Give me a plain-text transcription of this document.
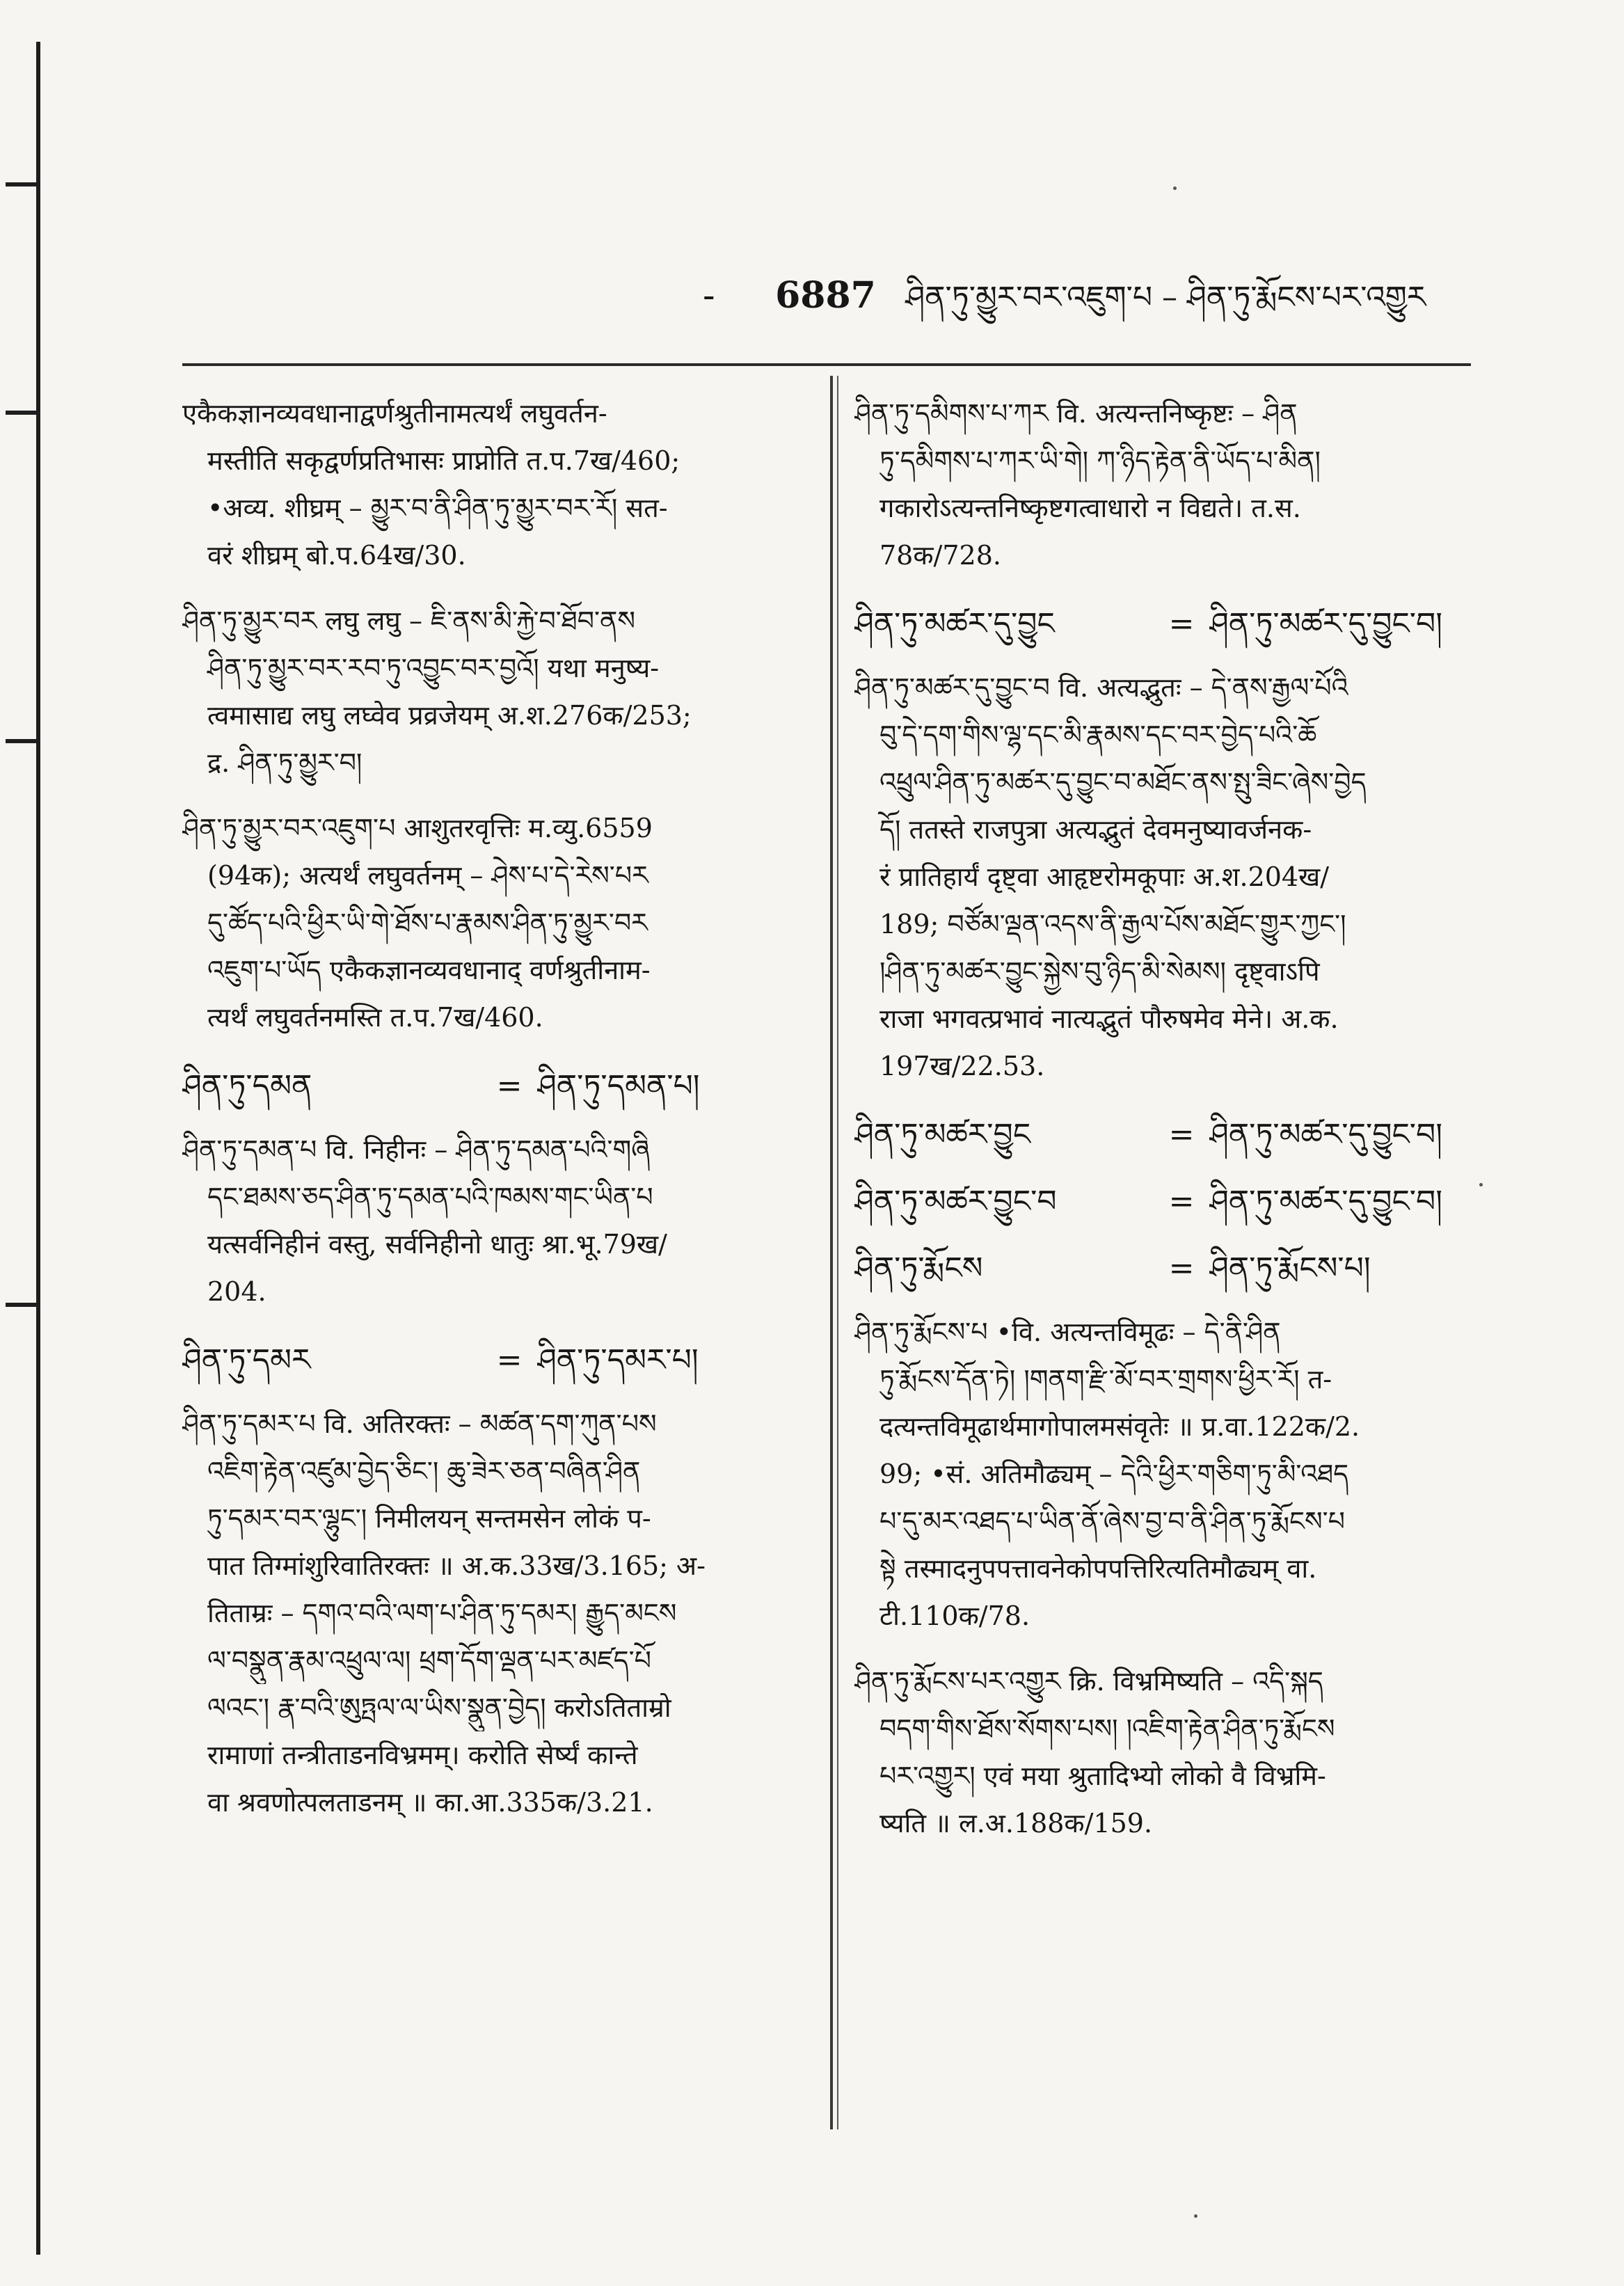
- 6887 ཤིན་ཏུ་མྱུར་བར་འཇུག་པ – ཤིན་ཏུ་རྨོངས་པར་འགྱུར
एकैकज्ञानव्यवधानाद्वर्णश्रुतीनामत्यर्थं लघुवर्तन-
मस्तीति सकृद्वर्णप्रतिभासः प्राप्नोति त.प.7ख/460;
•अव्य. शीघ्रम् – མྱུར་བ་ནི་ཤིན་ཏུ་མྱུར་བར་རོ། सत-
वरं शीघ्रम् बो.प.64ख/30.
ཤིན་ཏུ་མྱུར་བར लघु लघु – ཇི་ནས་མི་རྐྱེ་བ་ཐོབ་ནས
ཤིན་ཏུ་མྱུར་བར་རབ་ཏུ་འབྱུང་བར་བྱའོ། यथा मनुष्य-
त्वमासाद्य लघु लघ्वेव प्रव्रजेयम् अ.श.276क/253;
द्र. ཤིན་ཏུ་མྱུར་བ།
ཤིན་ཏུ་མྱུར་བར་འཇུག་པ आशुतरवृत्तिः म.व्यु.6559
(94क); अत्यर्थं लघुवर्तनम् – ཤེས་པ་དེ་རེས་པར
དུ་ཚོད་པའི་ཕྱིར་ཡི་གེ་ཐོས་པ་རྣམས་ཤིན་ཏུ་མྱུར་བར
འཇུག་པ་ཡོད एकैकज्ञानव्यवधानाद् वर्णश्रुतीनाम-
त्यर्थं लघुवर्तनमस्ति त.प.7ख/460.
ཤིན་ཏུ་དམན	= ཤིན་ཏུ་དམན་པ།
ཤིན་ཏུ་དམན་པ वि. निहीनः – ཤིན་ཏུ་དམན་པའི་གཞི
དང་ཐམས་ཅད་ཤིན་ཏུ་དམན་པའི་ཁམས་གང་ཡིན་པ
यत्सर्वनिहीनं वस्तु, सर्वनिहीनो धातुः श्रा.भू.79ख/
204.
ཤིན་ཏུ་དམར	= ཤིན་ཏུ་དམར་པ།
ཤིན་ཏུ་དམར་པ वि. अतिरक्तः – མཚན་དག་ཀུན་པས
འཇིག་རྟེན་འཛུམ་བྱེད་ཅིང་། ཆུ་ཟེར་ཅན་བཞིན་ཤིན
ཏུ་དམར་བར་ལྷུང་། निमीलयन् सन्तमसेन लोकं प-
पात तिग्मांशुरिवातिरक्तः ॥ अ.क.33ख/3.165; अ-
तिताम्रः – དགའ་བའི་ལག་པ་ཤིན་ཏུ་དམར། རྒྱུད་མངས
ལ་བསྣུན་རྣམ་འཕྲུལ་ལ། ཕྲག་དོག་ལྡན་པར་མཛད་པོ
ལའང་། རྣ་བའི་ཨུཏྤལ་ལ་ཡིས་སྣུན་བྱེད། करोऽतिताम्रो
रामाणां तन्त्रीताडनविभ्रमम्। करोति सेर्ष्यं कान्ते
वा श्रवणोत्पलताडनम् ॥ का.आ.335क/3.21.
ཤིན་ཏུ་དམིགས་པ་ཀར वि. अत्यन्तनिष्कृष्टः – ཤིན
ཏུ་དམིགས་པ་ཀར་ཡི་གེ། ཀ་ཉིད་རྟེན་ནི་ཡོད་པ་མིན།
गकारोऽत्यन्तनिष्कृष्टगत्वाधारो न विद्यते। त.स.
78क/728.
ཤིན་ཏུ་མཚར་དུ་བྱུང	= ཤིན་ཏུ་མཚར་དུ་བྱུང་བ།
ཤིན་ཏུ་མཚར་དུ་བྱུང་བ वि. अत्यद्भुतः – དེ་ནས་རྒྱལ་པོའི
བུ་དེ་དག་གིས་ལྷ་དང་མི་རྣམས་དང་བར་བྱེད་པའི་ཆོ
འཕྲུལ་ཤིན་ཏུ་མཚར་དུ་བྱུང་བ་མཐོང་ནས་སྤུ་ཟིང་ཞེས་བྱེད
དོ། ततस्ते राजपुत्रा अत्यद्भुतं देवमनुष्यावर्जनक-
रं प्रातिहार्यं दृष्ट्वा आहृष्टरोमकूपाः अ.श.204ख/
189; བཙོམ་ལྡན་འདས་ནི་རྒྱལ་པོས་མཐོང་གྱུར་ཀྱང་།
།ཤིན་ཏུ་མཚར་བྱུང་སྐྱེས་བུ་ཉིད་མི་སེམས། दृष्ट्वाऽपि
राजा भगवत्प्रभावं नात्यद्भुतं पौरुषमेव मेने। अ.क.
197ख/22.53.
ཤིན་ཏུ་མཚར་བྱུང	= ཤིན་ཏུ་མཚར་དུ་བྱུང་བ།
ཤིན་ཏུ་མཚར་བྱུང་བ	= ཤིན་ཏུ་མཚར་དུ་བྱུང་བ།
ཤིན་ཏུ་རྨོངས	= ཤིན་ཏུ་རྨོངས་པ།
ཤིན་ཏུ་རྨོངས་པ •वि. अत्यन्तविमूढः – དེ་ནི་ཤིན
ཏུ་རྨོངས་དོན་ཏེ། །གནག་རྫི་མོ་བར་གྲགས་ཕྱིར་རོ། त-
दत्यन्तविमूढार्थमागोपालमसंवृतेः ॥ प्र.वा.122क/2.
99; •सं. अतिमौढ्यम् – དེའི་ཕྱིར་གཅིག་ཏུ་མི་འཐད
པ་དུ་མར་འཐད་པ་ཡིན་ནོ་ཞེས་བྱ་བ་ནི་ཤིན་ཏུ་རྨོངས་པ
སྟེ तस्मादनुपपत्तावनेकोपपत्तिरित्यतिमौढ्यम् वा.
टी.110क/78.
ཤིན་ཏུ་རྨོངས་པར་འགྱུར क्रि. विभ्रमिष्यति – འདི་སྐད
བདག་གིས་ཐོས་སོགས་པས། །འཇིག་རྟེན་ཤིན་ཏུ་རྨོངས
པར་འགྱུར། एवं मया श्रुतादिभ्यो लोको वै विभ्रमि-
ष्यति ॥ ल.अ.188क/159.
